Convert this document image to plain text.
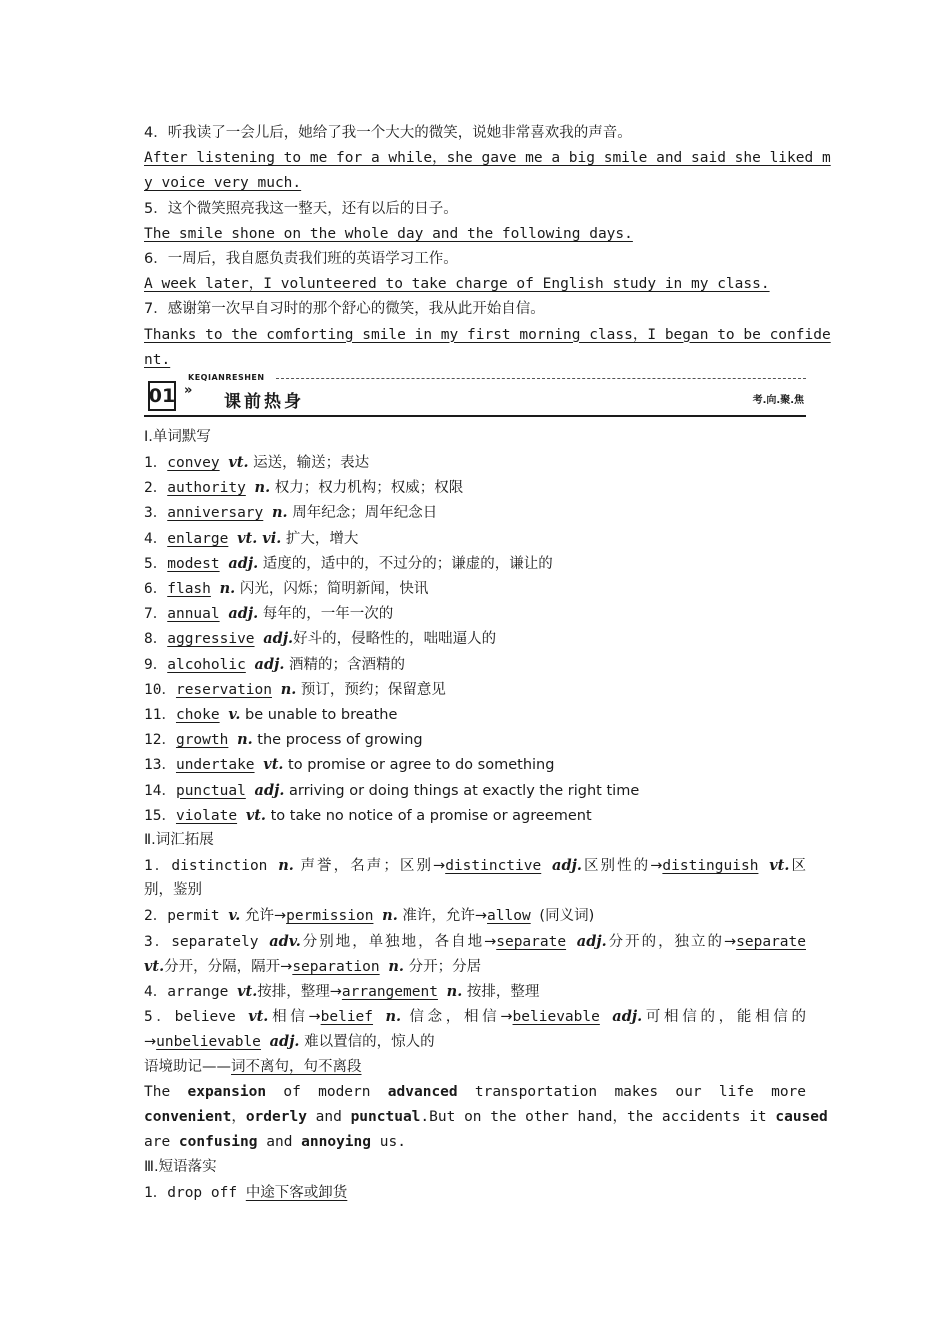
4．听我读了一会儿后，她给了我一个大大的微笑，说她非常喜欢我的声音。
After listening to me for a while，she gave me a big smile and said she liked m
y voice very much.
5．这个微笑照亮我这一整天，还有以后的日子。
The smile shone on the whole day and the following days.
6．一周后，我自愿负责我们班的英语学习工作。
A week later，I volunteered to take charge of English study in my class.
7．感谢第一次早自习时的那个舒心的微笑，我从此开始自信。
Thanks to the comforting smile in my first morning class，I began to be confide
nt.
01
KEQIANRESHEN
»
课前热身	考.向.聚.焦
Ⅰ.单词默写
1．convey vt. 运送，输送；表达
2．authority n. 权力；权力机构；权威；权限
3．anniversary n. 周年纪念；周年纪念日
4．enlarge vt. vi. 扩大，增大
5．modest adj. 适度的，适中的，不过分的；谦虚的，谦让的
6．flash n. 闪光，闪烁；简明新闻，快讯
7．annual adj. 每年的，一年一次的
8．aggressive adj.好斗的，侵略性的，咄咄逼人的
9．alcoholic adj. 酒精的；含酒精的
10．reservation n. 预订，预约；保留意见
11．choke v. be unable to breathe
12．growth n. the process of growing
13．undertake vt. to promise or agree to do something
14．punctual adj. arriving or doing things at exactly the right time
15．violate vt. to take no notice of a promise or agreement
Ⅱ.词汇拓展
1．distinction n. 声誉，名声；区别→distinctive adj.区别性的→distinguish vt.区
别，鉴别
2．permit v. 允许→permission n. 准许，允许→allow (同义词)
3．separately adv.分别地，单独地，各自地→separate adj.分开的，独立的→separate
vt.分开，分隔，隔开→separation n. 分开；分居
4．arrange vt.按排，整理→arrangement n. 按排，整理
5．believe vt.相信→belief n. 信念，相信→believable adj.可相信的，能相信的
→unbelievable adj. 难以置信的，惊人的
语境助记——词不离句，句不离段
The expansion of modern advanced transportation makes our life more
convenient，orderly and punctual.But on the other hand，the accidents it caused
are confusing and annoying us.
Ⅲ.短语落实
1．drop off 中途下客或卸货
